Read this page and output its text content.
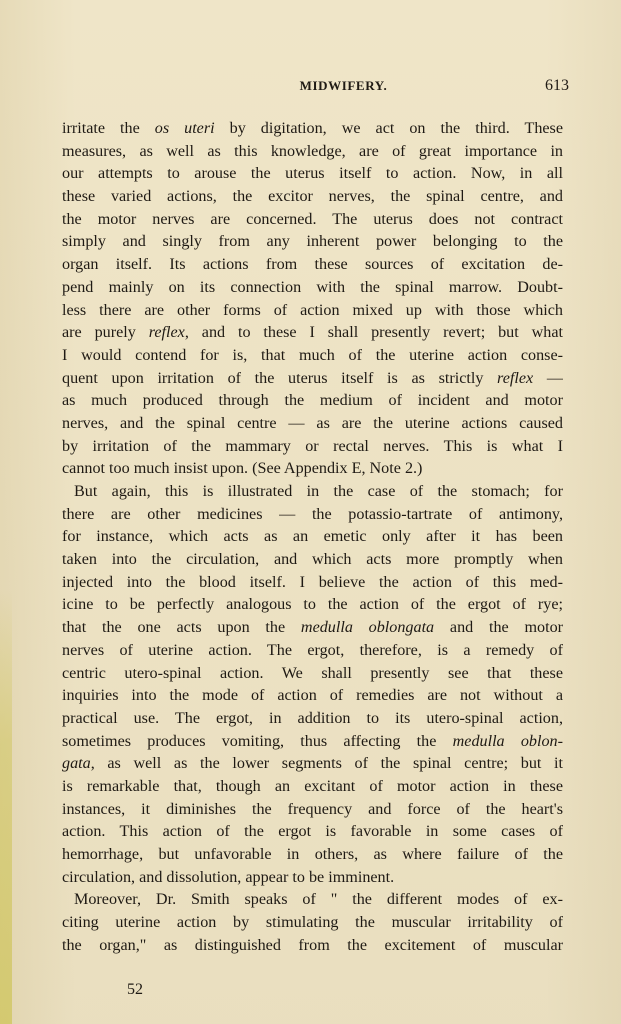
MIDWIFERY.	613
irritate the os uteri by digitation, we act on the third. These
measures, as well as this knowledge, are of great importance in
our attempts to arouse the uterus itself to action. Now, in all
these varied actions, the excitor nerves, the spinal centre, and
the motor nerves are concerned. The uterus does not contract
simply and singly from any inherent power belonging to the
organ itself. Its actions from these sources of excitation de-
pend mainly on its connection with the spinal marrow. Doubt-
less there are other forms of action mixed up with those which
are purely reflex, and to these I shall presently revert; but what
I would contend for is, that much of the uterine action conse-
quent upon irritation of the uterus itself is as strictly reflex —
as much produced through the medium of incident and motor
nerves, and the spinal centre — as are the uterine actions caused
by irritation of the mammary or rectal nerves. This is what I
cannot too much insist upon. (See Appendix E, Note 2.)
But again, this is illustrated in the case of the stomach; for
there are other medicines — the potassio-tartrate of antimony,
for instance, which acts as an emetic only after it has been
taken into the circulation, and which acts more promptly when
injected into the blood itself. I believe the action of this med-
icine to be perfectly analogous to the action of the ergot of rye;
that the one acts upon the medulla oblongata and the motor
nerves of uterine action. The ergot, therefore, is a remedy of
centric utero-spinal action. We shall presently see that these
inquiries into the mode of action of remedies are not without a
practical use. The ergot, in addition to its utero-spinal action,
sometimes produces vomiting, thus affecting the medulla oblon-
gata, as well as the lower segments of the spinal centre; but it
is remarkable that, though an excitant of motor action in these
instances, it diminishes the frequency and force of the heart's
action. This action of the ergot is favorable in some cases of
hemorrhage, but unfavorable in others, as where failure of the
circulation, and dissolution, appear to be imminent.
Moreover, Dr. Smith speaks of " the different modes of ex-
citing uterine action by stimulating the muscular irritability of
the organ," as distinguished from the excitement of muscular
52
